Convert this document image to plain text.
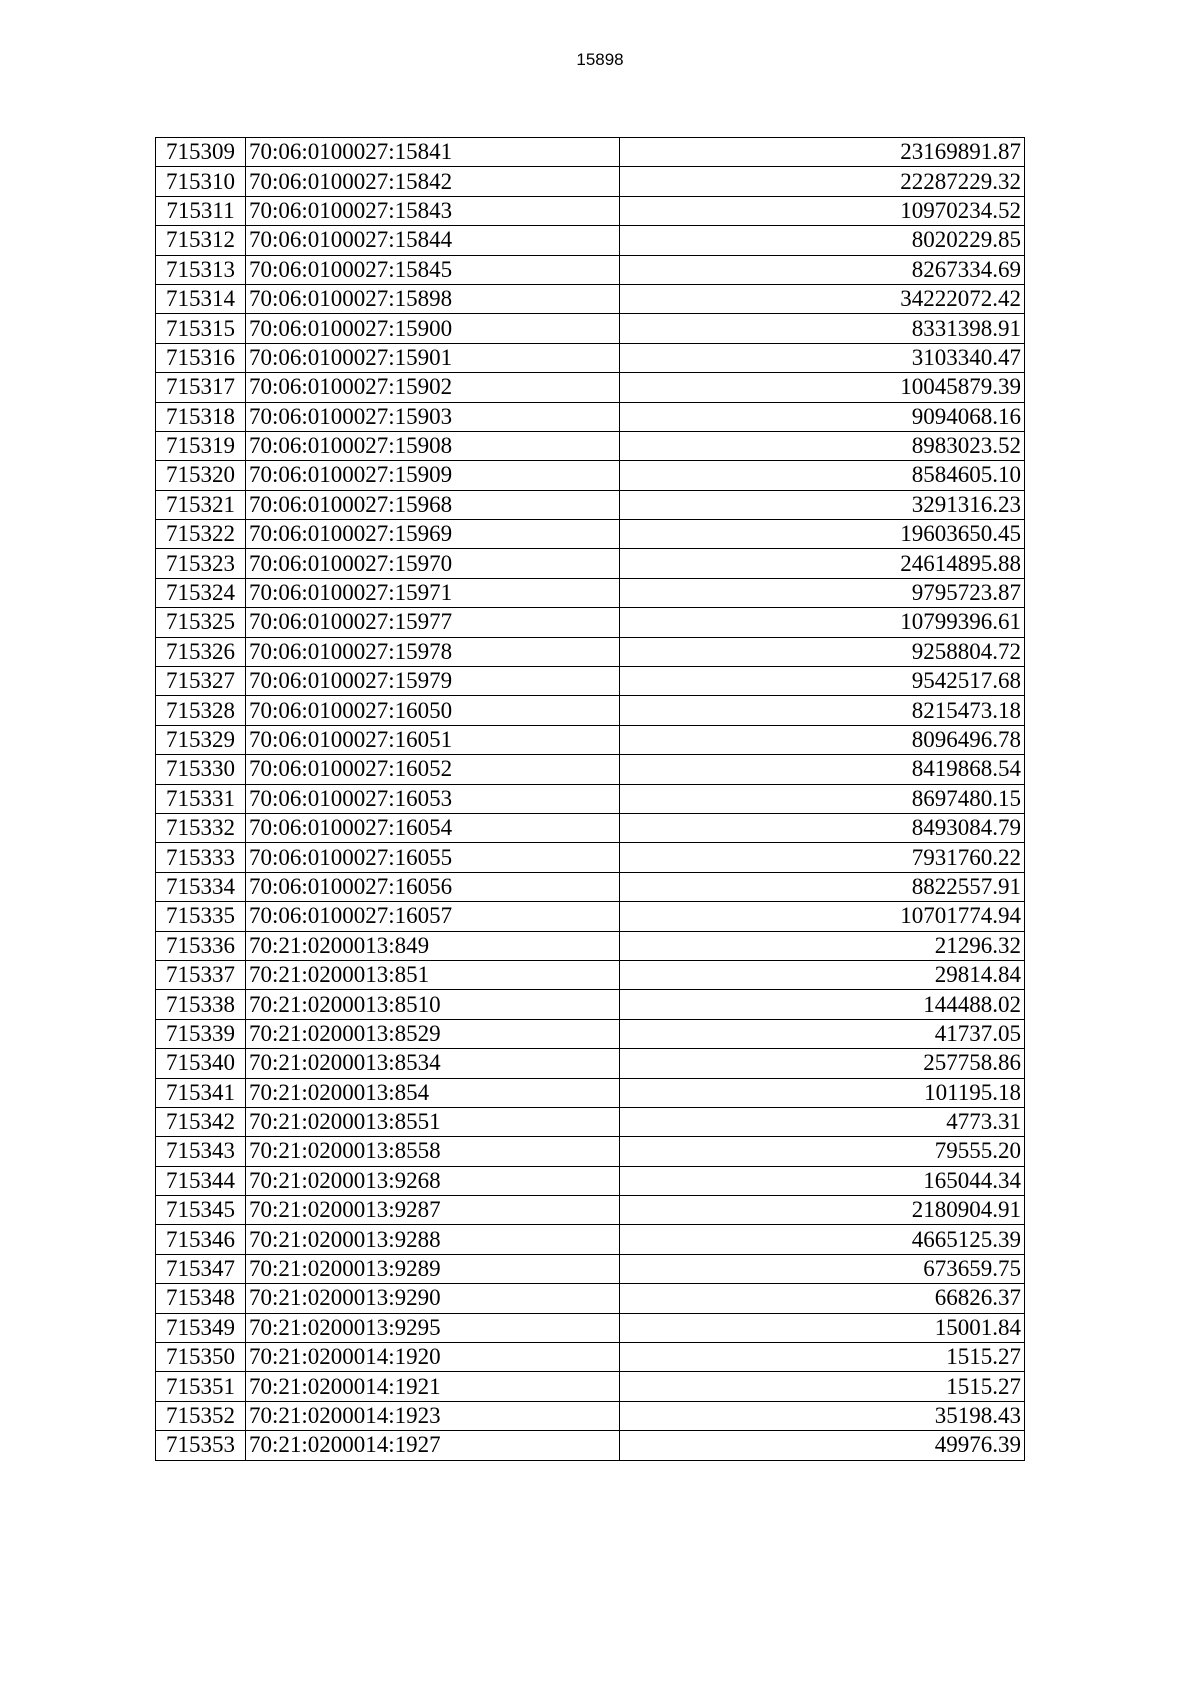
15898
715309	70:06:0100027:15841	23169891.87
715310	70:06:0100027:15842	22287229.32
715311	70:06:0100027:15843	10970234.52
715312	70:06:0100027:15844	8020229.85
715313	70:06:0100027:15845	8267334.69
715314	70:06:0100027:15898	34222072.42
715315	70:06:0100027:15900	8331398.91
715316	70:06:0100027:15901	3103340.47
715317	70:06:0100027:15902	10045879.39
715318	70:06:0100027:15903	9094068.16
715319	70:06:0100027:15908	8983023.52
715320	70:06:0100027:15909	8584605.10
715321	70:06:0100027:15968	3291316.23
715322	70:06:0100027:15969	19603650.45
715323	70:06:0100027:15970	24614895.88
715324	70:06:0100027:15971	9795723.87
715325	70:06:0100027:15977	10799396.61
715326	70:06:0100027:15978	9258804.72
715327	70:06:0100027:15979	9542517.68
715328	70:06:0100027:16050	8215473.18
715329	70:06:0100027:16051	8096496.78
715330	70:06:0100027:16052	8419868.54
715331	70:06:0100027:16053	8697480.15
715332	70:06:0100027:16054	8493084.79
715333	70:06:0100027:16055	7931760.22
715334	70:06:0100027:16056	8822557.91
715335	70:06:0100027:16057	10701774.94
715336	70:21:0200013:849	21296.32
715337	70:21:0200013:851	29814.84
715338	70:21:0200013:8510	144488.02
715339	70:21:0200013:8529	41737.05
715340	70:21:0200013:8534	257758.86
715341	70:21:0200013:854	101195.18
715342	70:21:0200013:8551	4773.31
715343	70:21:0200013:8558	79555.20
715344	70:21:0200013:9268	165044.34
715345	70:21:0200013:9287	2180904.91
715346	70:21:0200013:9288	4665125.39
715347	70:21:0200013:9289	673659.75
715348	70:21:0200013:9290	66826.37
715349	70:21:0200013:9295	15001.84
715350	70:21:0200014:1920	1515.27
715351	70:21:0200014:1921	1515.27
715352	70:21:0200014:1923	35198.43
715353	70:21:0200014:1927	49976.39
